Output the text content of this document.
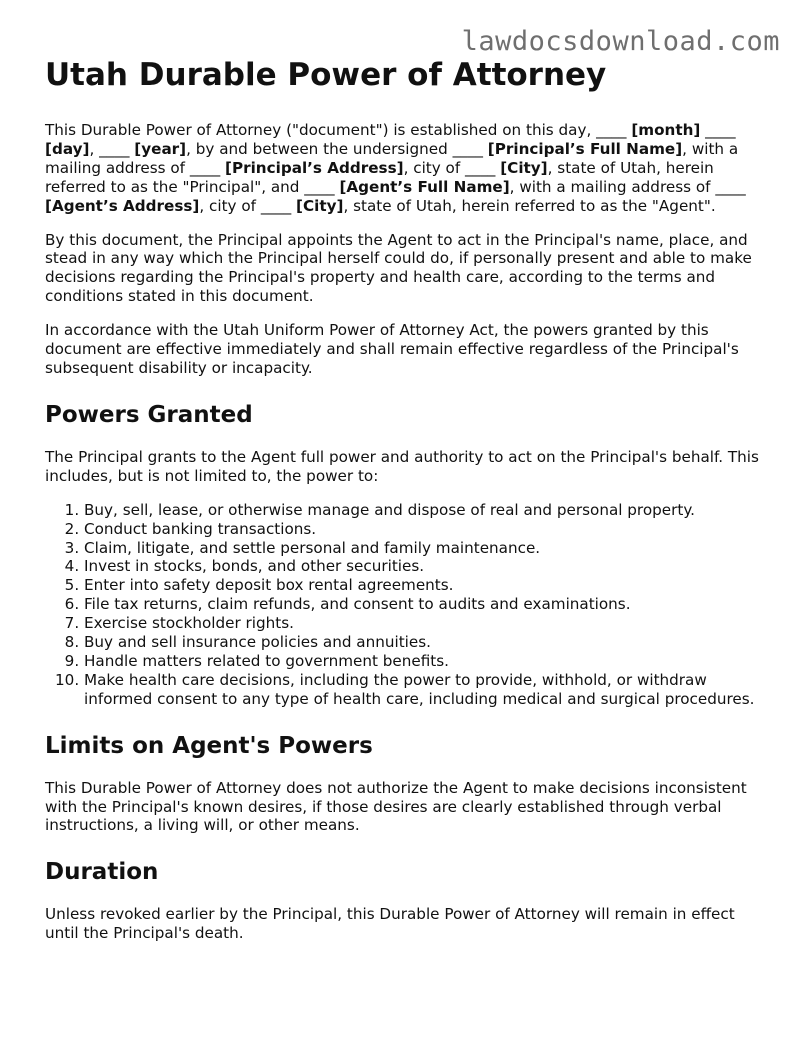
lawdocsdownload.com
Utah Durable Power of Attorney

This Durable Power of Attorney ("document") is established on this day, ____ [month] ____ [day], ____ [year], by and between the undersigned ____ [Principal’s Full Name], with a mailing address of ____ [Principal’s Address], city of ____ [City], state of Utah, herein referred to as the "Principal", and ____ [Agent’s Full Name], with a mailing address of ____ [Agent’s Address], city of ____ [City], state of Utah, herein referred to as the "Agent".

By this document, the Principal appoints the Agent to act in the Principal's name, place, and stead in any way which the Principal herself could do, if personally present and able to make decisions regarding the Principal's property and health care, according to the terms and conditions stated in this document.

In accordance with the Utah Uniform Power of Attorney Act, the powers granted by this document are effective immediately and shall remain effective regardless of the Principal's subsequent disability or incapacity.

Powers Granted

The Principal grants to the Agent full power and authority to act on the Principal's behalf. This includes, but is not limited to, the power to:

1. Buy, sell, lease, or otherwise manage and dispose of real and personal property.
2. Conduct banking transactions.
3. Claim, litigate, and settle personal and family maintenance.
4. Invest in stocks, bonds, and other securities.
5. Enter into safety deposit box rental agreements.
6. File tax returns, claim refunds, and consent to audits and examinations.
7. Exercise stockholder rights.
8. Buy and sell insurance policies and annuities.
9. Handle matters related to government benefits.
10. Make health care decisions, including the power to provide, withhold, or withdraw informed consent to any type of health care, including medical and surgical procedures.
Limits on Agent's Powers

This Durable Power of Attorney does not authorize the Agent to make decisions inconsistent with the Principal's known desires, if those desires are clearly established through verbal instructions, a living will, or other means.

Duration

Unless revoked earlier by the Principal, this Durable Power of Attorney will remain in effect until the Principal's death.
